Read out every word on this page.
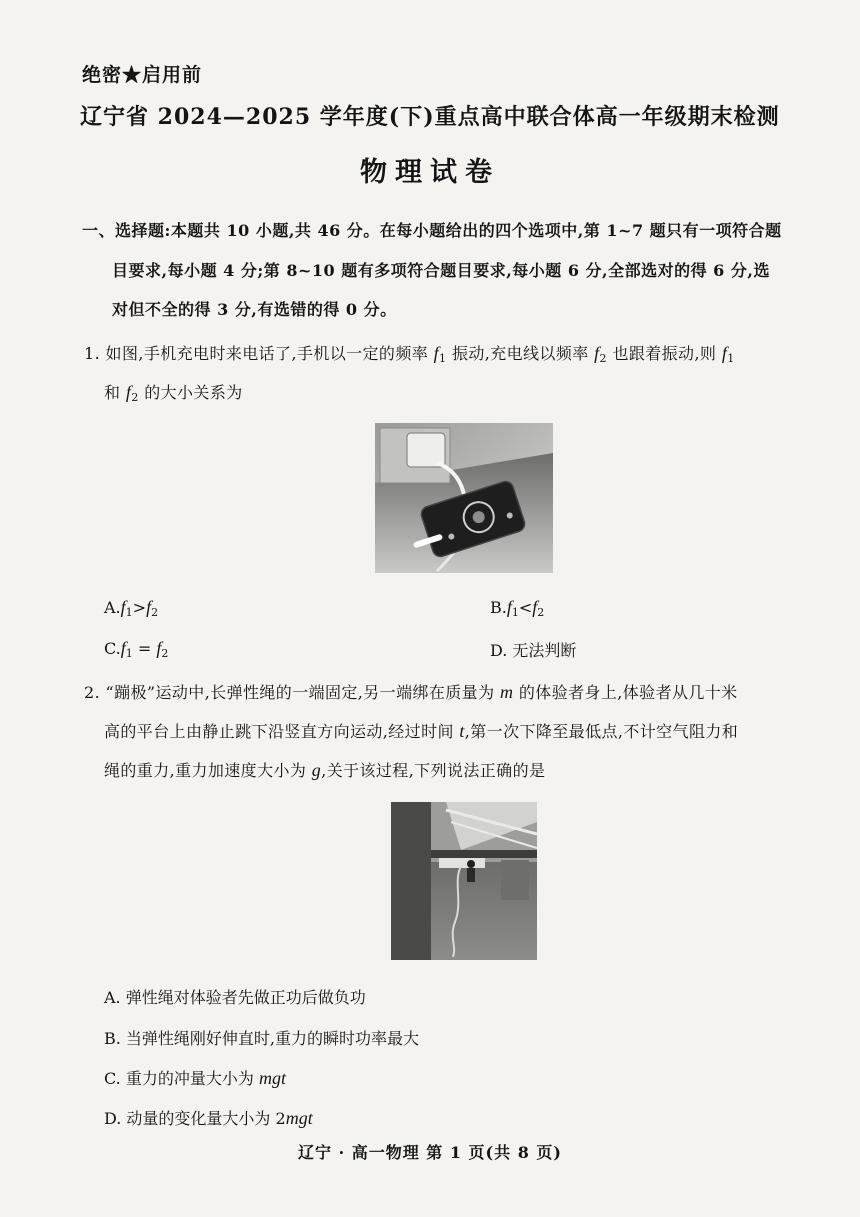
绝密★启用前
辽宁省 2024—2025 学年度(下)重点高中联合体高一年级期末检测
物理试卷
一、选择题:本题共 10 小题,共 46 分。在每小题给出的四个选项中,第 1~7 题只有一项符合题
目要求,每小题 4 分;第 8~10 题有多项符合题目要求,每小题 6 分,全部选对的得 6 分,选
对但不全的得 3 分,有选错的得 0 分。
1. 如图,手机充电时来电话了,手机以一定的频率 $f_1$ 振动,充电线以频率 $f_2$ 也跟着振动,则 $f_1$
和 $f_2$ 的大小关系为
$A.f_1>f_2$	$B.f_1<f_2$
$C.f_1 = f_2$	D. 无法判断
2. “蹦极”运动中,长弹性绳的一端固定,另一端绑在质量为 m 的体验者身上,体验者从几十米
高的平台上由静止跳下沿竖直方向运动,经过时间 t,第一次下降至最低点,不计空气阻力和
绳的重力,重力加速度大小为 g,关于该过程,下列说法正确的是
A. 弹性绳对体验者先做正功后做负功
B. 当弹性绳刚好伸直时,重力的瞬时功率最大
C. 重力的冲量大小为 mgt
D. 动量的变化量大小为 2mgt
辽宁 · 高一物理 第 1 页(共 8 页)
